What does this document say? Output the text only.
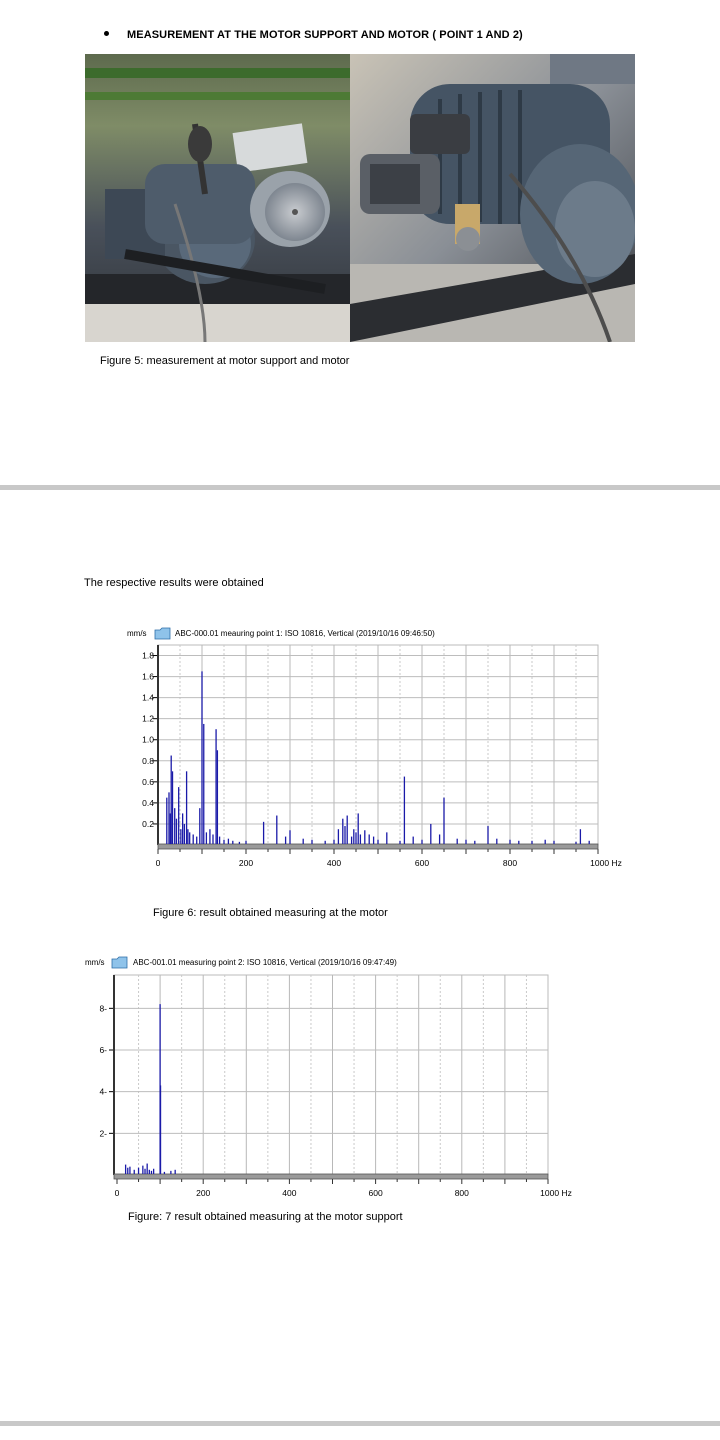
MEASUREMENT AT THE MOTOR SUPPORT AND MOTOR ( POINT 1 AND 2)
Figure 5: measurement at motor support and motor
The respective results were obtained
0	200	400	600	800	1000 Hz
0.2
0.4
0.6
0.8
1.0
1.2
1.4
1.6
1.8
mm/s	ABC-000.01 meauring point 1: ISO 10816, Vertical (2019/10/16 09:46:50)
0	200	400	600	800	1000 Hz
2-
4-
6-
8-
mm/s	ABC-001.01 measuring point 2: ISO 10816, Vertical (2019/10/16 09:47:49)
Figure 6: result obtained measuring at the motor
Figure: 7 result obtained measuring at the motor support
